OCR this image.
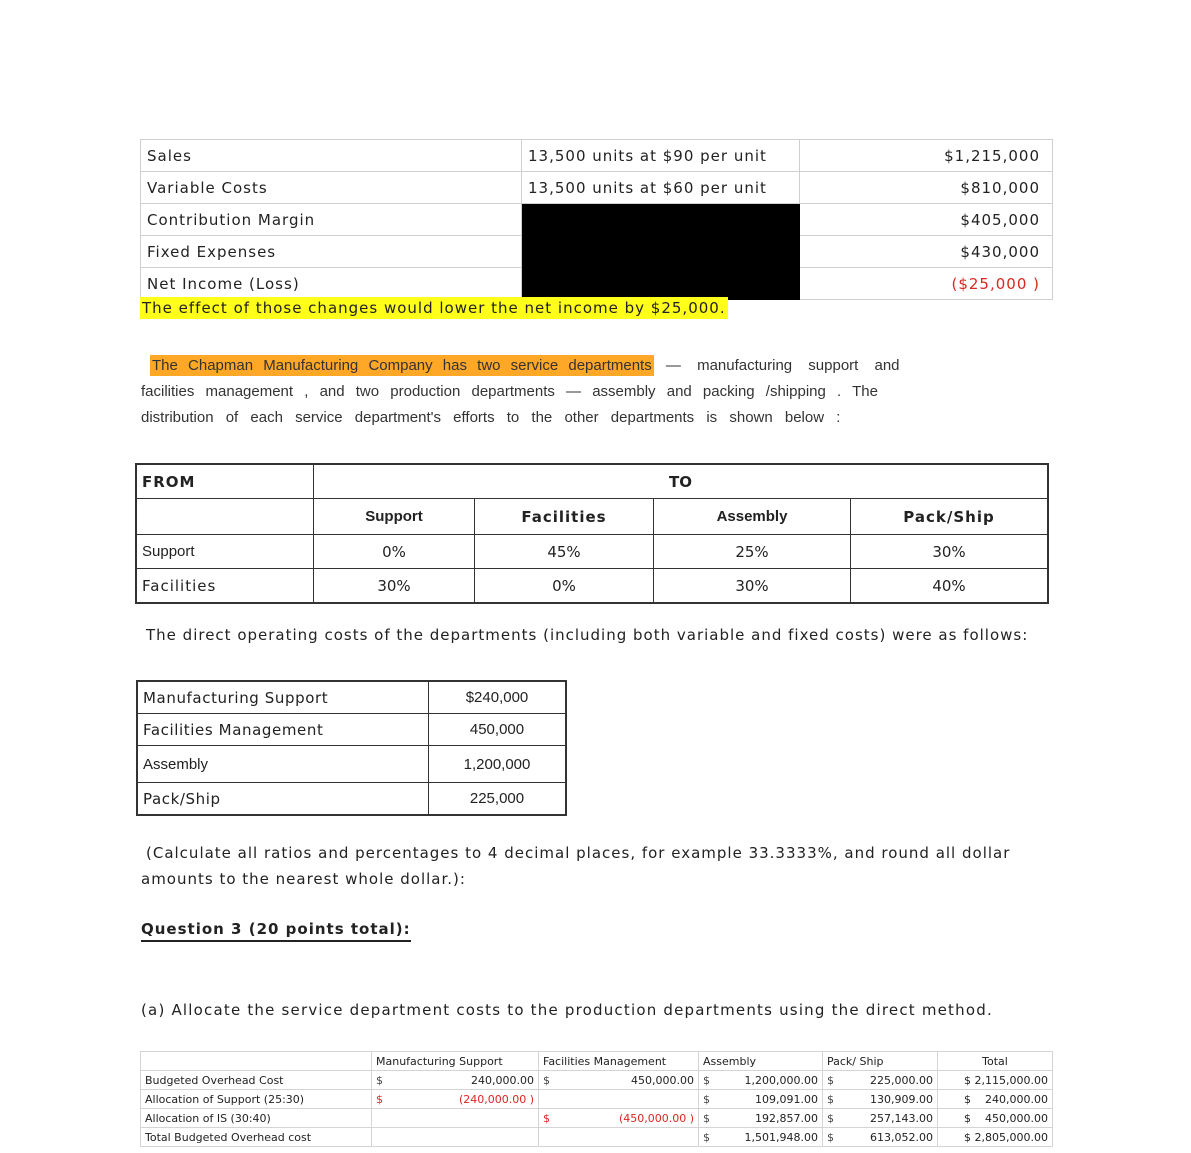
Sales	13,500 units at $90 per unit	$1,215,000
Variable Costs	13,500 units at $60 per unit	$810,000
Contribution Margin		$405,000
Fixed Expenses		$430,000
Net Income (Loss)		($25,000 )
The effect of those changes would lower the net income by $25,000.
The Chapman Manufacturing Company has two service departments — manufacturing support and
facilities management , and two production departments — assembly and packing /shipping . The
distribution of each service department's efforts to the other departments is shown below :
FROM	TO			
	Support	Facilities	Assembly	Pack/Ship
Support	0%	45%	25%	30%
Facilities	30%	0%	30%	40%
The direct operating costs of the departments (including both variable and fixed costs) were as follows:
Manufacturing Support	$240,000
Facilities Management	450,000
Assembly	1,200,000
Pack/Ship	225,000
(Calculate all ratios and percentages to 4 decimal places, for example 33.3333%, and round all dollar
amounts to the nearest whole dollar.):
Question 3 (20 points total):
(a) Allocate the service department costs to the production departments using the direct method.
	Manufacturing Support		Facilities Management		Assembly		Pack/ Ship		Total
Budgeted Overhead Cost	$	240,000.00	$	450,000.00	$	1,200,000.00	$	225,000.00	$ 2,115,000.00
Allocation of Support (25:30)	$	(240,000.00 )			$	109,091.00	$	130,909.00	$    240,000.00
Allocation of IS (30:40)			$	(450,000.00 )	$	192,857.00	$	257,143.00	$    450,000.00
Total Budgeted Overhead cost					$	1,501,948.00	$	613,052.00	$ 2,805,000.00
